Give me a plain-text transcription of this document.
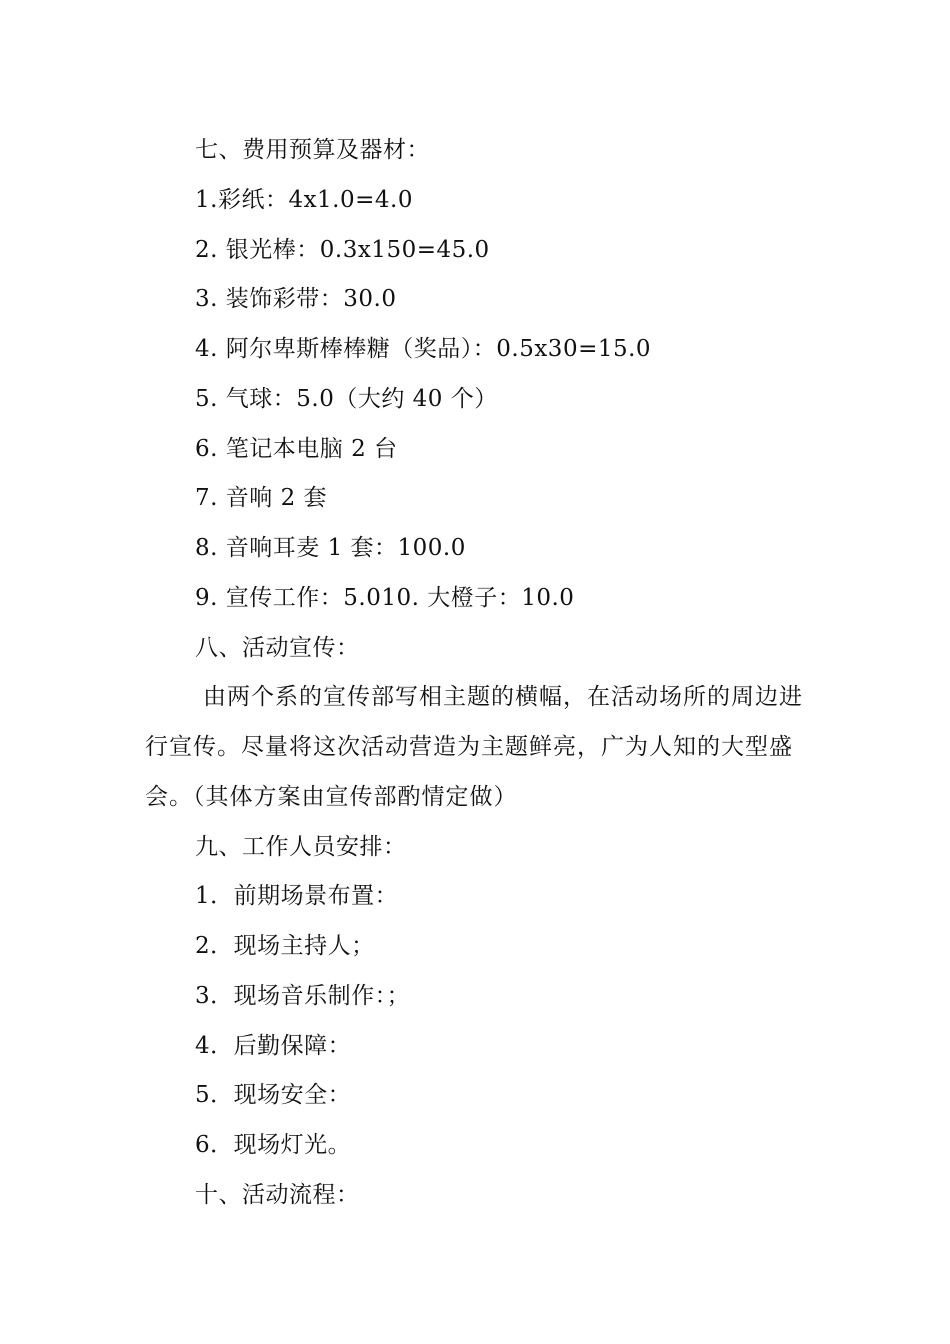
七、费用预算及器材：
1.彩纸：4x1.0=4.0
2. 银光棒：0.3x150=45.0
3. 装饰彩带：30.0
4. 阿尔卑斯棒棒糖（奖品）：0.5x30=15.0
5. 气球：5.0（大约 40 个）
6. 笔记本电脑 2 台
7. 音响 2 套
8. 音响耳麦 1 套：100.0
9. 宣传工作：5.010. 大橙子：10.0
八、活动宣传：
由两个系的宣传部写相主题的横幅，在活动场所的周边进行宣传。尽量将这次活动营造为主题鲜亮，广为人知的大型盛会。（其体方案由宣传部酌情定做）
九、工作人员安排：
1．前期场景布置：
2．现场主持人；
3．现场音乐制作：；
4．后勤保障：
5．现场安全：
6．现场灯光。
十、活动流程：
